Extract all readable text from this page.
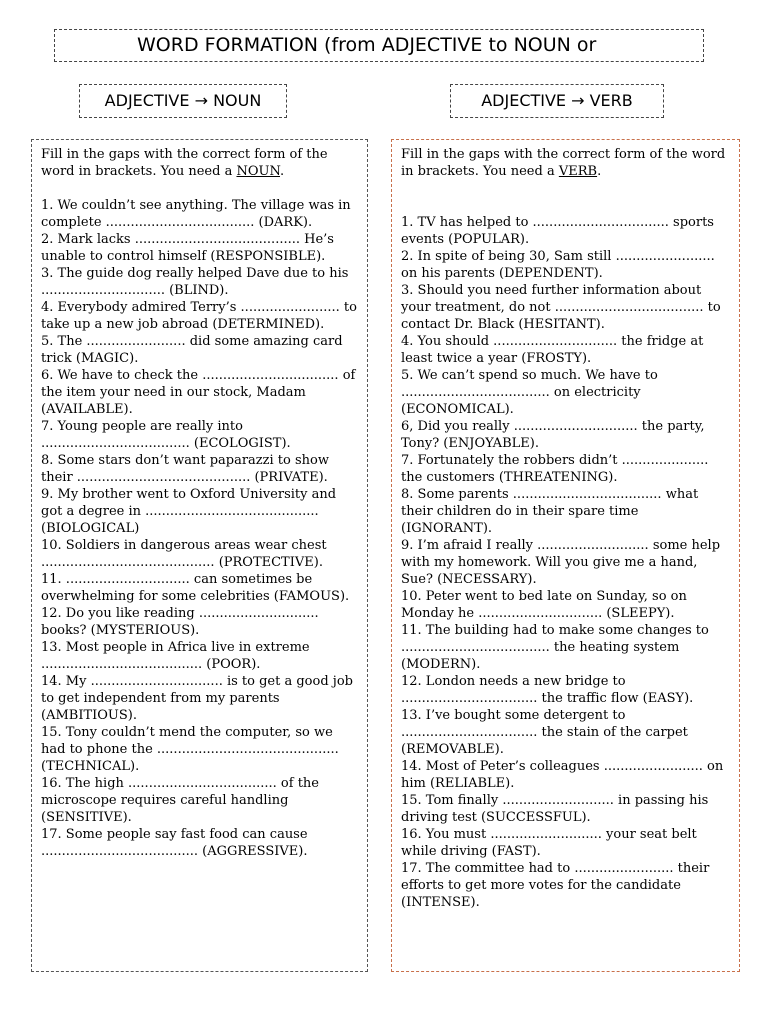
WORD FORMATION (from ADJECTIVE to NOUN or
ADJECTIVE → NOUN	ADJECTIVE → VERB

Fill in the gaps with the correct form of the word in brackets. You need a NOUN.

1. We couldn’t see anything. The village was in complete .................................... (DARK).

2. Mark lacks ........................................ He’s unable to control himself (RESPONSIBLE).

3. The guide dog really helped Dave due to his .............................. (BLIND).

4. Everybody admired Terry’s ........................ to take up a new job abroad (DETERMINED).

5. The ........................ did some amazing card trick (MAGIC).

6. We have to check the ................................. of the item your need in our stock, Madam (AVAILABLE).

7. Young people are really into .................................... (ECOLOGIST).

8. Some stars don’t want paparazzi to show their .......................................... (PRIVATE).

9. My brother went to Oxford University and got a degree in .......................................... (BIOLOGICAL)

10. Soldiers in dangerous areas wear chest .......................................... (PROTECTIVE).

11. .............................. can sometimes be overwhelming for some celebrities (FAMOUS).

12. Do you like reading ............................. books? (MYSTERIOUS).

13. Most people in Africa live in extreme ....................................... (POOR).

14. My ................................ is to get a good job to get independent from my parents (AMBITIOUS).

15. Tony couldn’t mend the computer, so we had to phone the ............................................ (TECHNICAL).

16. The high .................................... of the microscope requires careful handling (SENSITIVE).

17. Some people say fast food can cause ...................................... (AGGRESSIVE).

Fill in the gaps with the correct form of the word in brackets. You need a VERB.

1. TV has helped to ................................. sports events (POPULAR).

2. In spite of being 30, Sam still ........................ on his parents (DEPENDENT).

3. Should you need further information about your treatment, do not .................................... to contact Dr. Black (HESITANT).

4. You should .............................. the fridge at least twice a year (FROSTY).

5. We can’t spend so much. We have to .................................... on electricity (ECONOMICAL).

6, Did you really .............................. the party, Tony? (ENJOYABLE).

7. Fortunately the robbers didn’t ..................... the customers (THREATENING).

8. Some parents .................................... what their children do in their spare time (IGNORANT).

9. I’m afraid I really ........................... some help with my homework. Will you give me a hand, Sue? (NECESSARY).

10. Peter went to bed late on Sunday, so on Monday he .............................. (SLEEPY).

11. The building had to make some changes to .................................... the heating system (MODERN).

12. London needs a new bridge to ................................. the traffic flow (EASY).

13. I’ve bought some detergent to ................................. the stain of the carpet (REMOVABLE).

14. Most of Peter’s colleagues ........................ on him (RELIABLE).

15. Tom finally ........................... in passing his driving test (SUCCESSFUL).

16. You must ........................... your seat belt while driving (FAST).

17. The committee had to ........................ their efforts to get more votes for the candidate (INTENSE).
